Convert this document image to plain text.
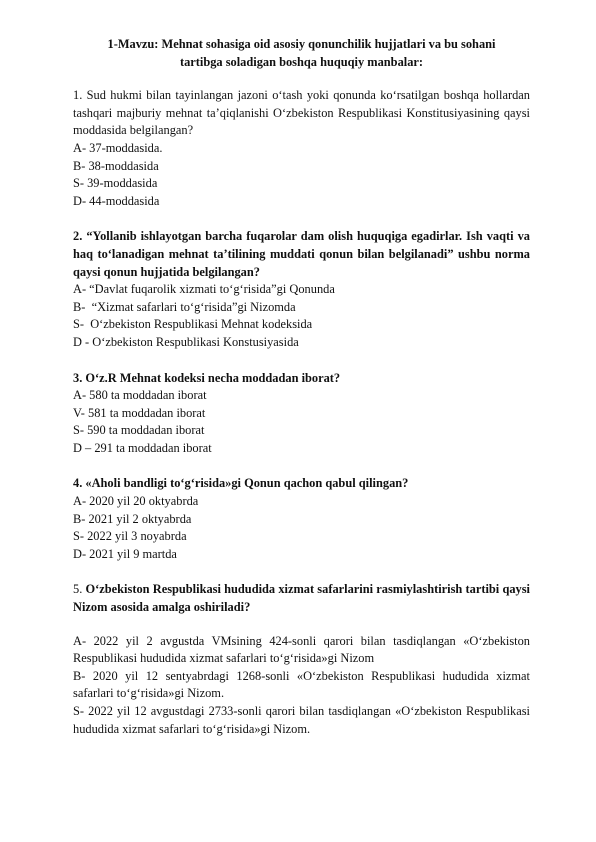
1-Mavzu: Mehnat sohasiga oid asosiy qonunchilik hujjatlari va bu sohani
tartibga soladigan boshqa huquqiy manbalar:

1. Sud hukmi bilan tayinlangan jazoni o‘tash yoki qonunda ko‘rsatilgan boshqa hollardan tashqari majburiy mehnat ta’qiqlanishi O‘zbekiston Respublikasi Konstitusiyasining qaysi moddasida belgilangan?

A- 37-moddasida.

B- 38-moddasida

S- 39-moddasida

D- 44-moddasida

2. “Yollanib ishlayotgan barcha fuqarolar dam olish huquqiga egadirlar. Ish vaqti va haq to‘lanadigan mehnat ta’tilining muddati qonun bilan belgilanadi” ushbu norma qaysi qonun hujjatida belgilangan?

A- “Davlat fuqarolik xizmati to‘g‘risida”gi Qonunda

B-  “Xizmat safarlari to‘g‘risida”gi Nizomda

S-  O‘zbekiston Respublikasi Mehnat kodeksida

D - O‘zbekiston Respublikasi Konstusiyasida

3. O‘z.R Mehnat kodeksi necha moddadan iborat?

A- 580 ta moddadan iborat

V- 581 ta moddadan iborat

S- 590 ta moddadan iborat

D – 291 ta moddadan iborat

4. «Aholi bandligi to‘g‘risida»gi Qonun qachon qabul qilingan?

A- 2020 yil 20 oktyabrda

B- 2021 yil 2 oktyabrda

S- 2022 yil 3 noyabrda

D- 2021 yil 9 martda

5. O‘zbekiston Respublikasi hududida xizmat safarlarini rasmiylashtirish tartibi qaysi Nizom asosida amalga oshiriladi?

A- 2022 yil 2 avgustda VMsining 424-sonli qarori bilan tasdiqlangan «O‘zbekiston Respublikasi hududida xizmat safarlari to‘g‘risida»gi Nizom

B- 2020 yil 12 sentyabrdagi 1268-sonli «O‘zbekiston Respublikasi hududida xizmat safarlari to‘g‘risida»gi Nizom.

S- 2022 yil 12 avgustdagi 2733-sonli qarori bilan tasdiqlangan «O‘zbekiston Respublikasi hududida xizmat safarlari to‘g‘risida»gi Nizom.
